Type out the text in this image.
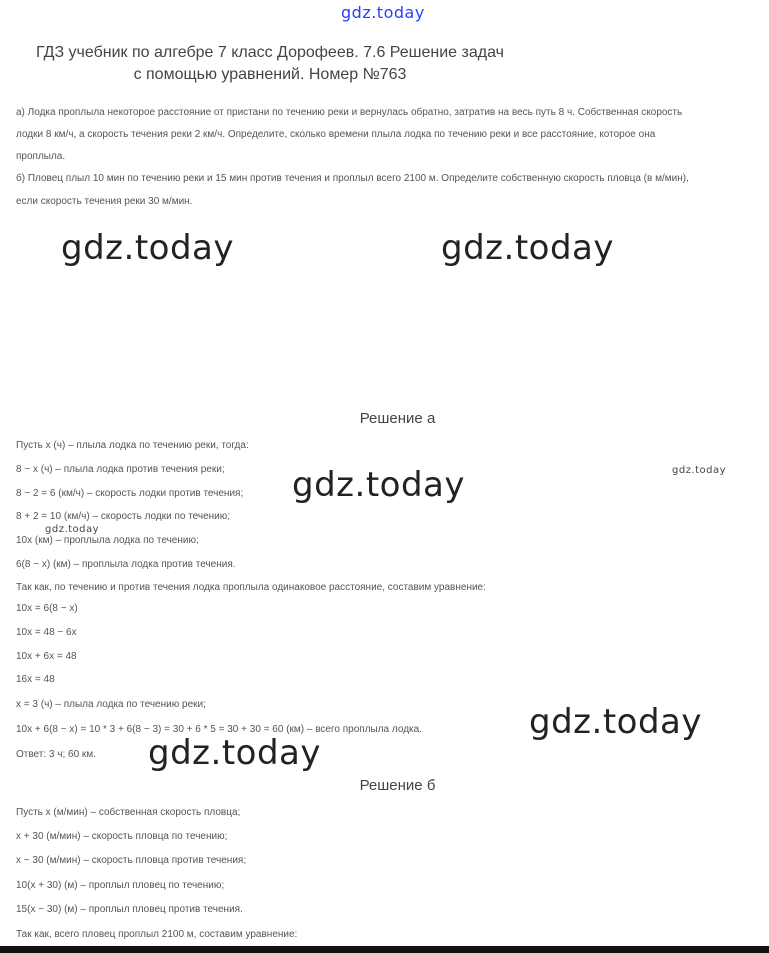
gdz.today
gdz.today	gdz.today
gdz.today	gdz.today
gdz.today
gdz.today
gdz.today
ГДЗ учебник по алгебре 7 класс Дорофеев. 7.6 Решение задач
с помощью уравнений. Номер №763
а) Лодка проплыла некоторое расстояние от пристани по течению реки и вернулась обратно, затратив на весь путь 8 ч. Собственная скорость
лодки 8 км/ч, а скорость течения реки 2 км/ч. Определите, сколько времени плыла лодка по течению реки и все расстояние, которое она
проплыла.
б) Пловец плыл 10 мин по течению реки и 15 мин против течения и проплыл всего 2100 м. Определите собственную скорость пловца (в м/мин),
если скорость течения реки 30 м/мин.
Решение а
Пусть x (ч) – плыла лодка по течению реки, тогда:
8 − x (ч) – плыла лодка против течения реки;
8 − 2 = 6 (км/ч) – скорость лодки против течения;
8 + 2 = 10 (км/ч) – скорость лодки по течению;
10x (км) – проплыла лодка по течению;
6(8 − x) (км) – проплыла лодка против течения.
Так как, по течению и против течения лодка проплыла одинаковое расстояние, составим уравнение:
10x = 6(8 − x)
10x = 48 − 6x
10x + 6x = 48
16x = 48
x = 3 (ч) – плыла лодка по течению реки;
10x + 6(8 − x) = 10 * 3 + 6(8 − 3) = 30 + 6 * 5 = 30 + 30 = 60 (км) – всего проплыла лодка.
Ответ: 3 ч; 60 км.
Решение б
Пусть x (м/мин) – собственная скорость пловца;
x + 30 (м/мин) – скорость пловца по течению;
x − 30 (м/мин) – скорость пловца против течения;
10(x + 30) (м) – проплыл пловец по течению;
15(x − 30) (м) – проплыл пловец против течения.
Так как, всего пловец проплыл 2100 м, составим уравнение:
